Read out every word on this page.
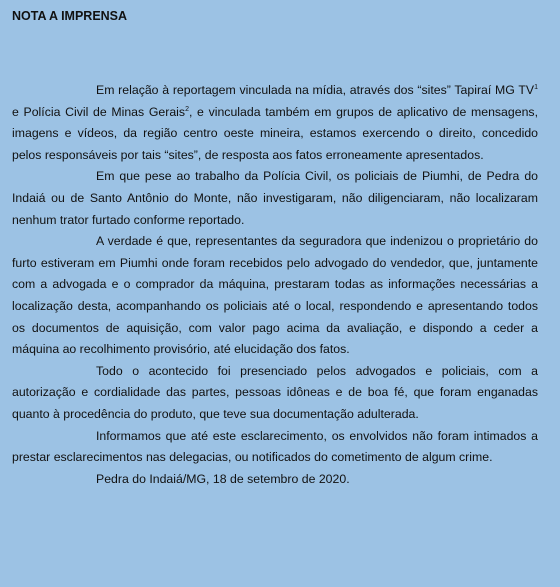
NOTA A IMPRENSA

Em relação à reportagem vinculada na mídia, através dos “sites” Tapiraí MG $TV^1$ e Polícia Civil de Minas Gerais$^2$, e vinculada também em grupos de aplicativo de mensagens, imagens e vídeos, da região centro oeste mineira, estamos exercendo o direito, concedido pelos responsáveis por tais “sites”, de resposta aos fatos erroneamente apresentados.

Em que pese ao trabalho da Polícia Civil, os policiais de Piumhi, de Pedra do Indaiá ou de Santo Antônio do Monte, não investigaram, não diligenciaram, não localizaram nenhum trator furtado conforme reportado.

A verdade é que, representantes da seguradora que indenizou o proprietário do furto estiveram em Piumhi onde foram recebidos pelo advogado do vendedor, que, juntamente com a advogada e o comprador da máquina, prestaram todas as informações necessárias a localização desta, acompanhando os policiais até o local, respondendo e apresentando todos os documentos de aquisição, com valor pago acima da avaliação, e dispondo a ceder a máquina ao recolhimento provisório, até elucidação dos fatos.

Todo o acontecido foi presenciado pelos advogados e policiais, com a autorização e cordialidade das partes, pessoas idôneas e de boa fé, que foram enganadas quanto à procedência do produto, que teve sua documentação adulterada.

Informamos que até este esclarecimento, os envolvidos não foram intimados a prestar esclarecimentos nas delegacias, ou notificados do cometimento de algum crime.

Pedra do Indaiá/MG, 18 de setembro de 2020.
